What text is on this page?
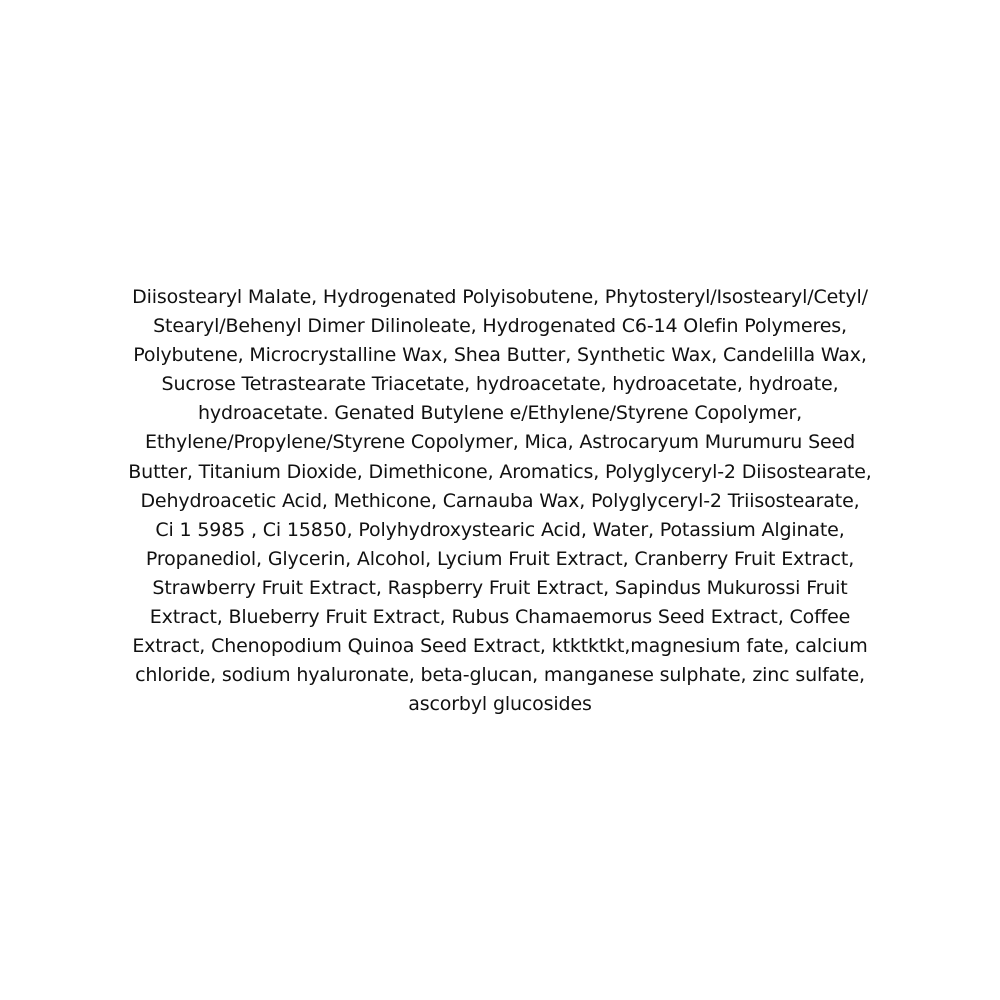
Diisostearyl Malate, Hydrogenated Polyisobutene, Phytosteryl/Isostearyl/Cetyl/
Stearyl/Behenyl Dimer Dilinoleate, Hydrogenated C6-14 Olefin Polymeres,
Polybutene, Microcrystalline Wax, Shea Butter, Synthetic Wax, Candelilla Wax,
Sucrose Tetrastearate Triacetate, hydroacetate, hydroacetate, hydroate,
hydroacetate. Genated Butylene e/Ethylene/Styrene Copolymer,
Ethylene/Propylene/Styrene Copolymer, Mica, Astrocaryum Murumuru Seed
Butter, Titanium Dioxide, Dimethicone, Aromatics, Polyglyceryl-2 Diisostearate,
Dehydroacetic Acid, Methicone, Carnauba Wax, Polyglyceryl-2 Triisostearate,
Ci 1 5985 , Ci 15850, Polyhydroxystearic Acid, Water, Potassium Alginate,
Propanediol, Glycerin, Alcohol, Lycium Fruit Extract, Cranberry Fruit Extract,
Strawberry Fruit Extract, Raspberry Fruit Extract, Sapindus Mukurossi Fruit
Extract, Blueberry Fruit Extract, Rubus Chamaemorus Seed Extract, Coffee
Extract, Chenopodium Quinoa Seed Extract, ktktktkt,magnesium fate, calcium
chloride, sodium hyaluronate, beta-glucan, manganese sulphate, zinc sulfate,
ascorbyl glucosides
